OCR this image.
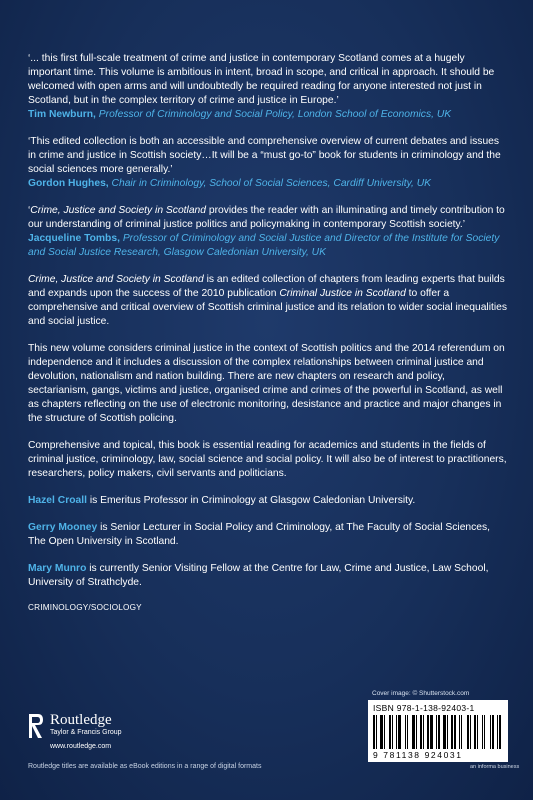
‘... this first full-scale treatment of crime and justice in contemporary Scotland comes at a hugely important time. This volume is ambitious in intent, broad in scope, and critical in approach. It should be welcomed with open arms and will undoubtedly be required reading for anyone interested not just in Scotland, but in the complex territory of crime and justice in Europe.’

Tim Newburn, Professor of Criminology and Social Policy, London School of Economics, UK

‘This edited collection is both an accessible and comprehensive overview of current debates and issues in crime and justice in Scottish society…It will be a “must go-to” book for students in criminology and the social sciences more generally.’

Gordon Hughes, Chair in Criminology, School of Social Sciences, Cardiff University, UK

‘Crime, Justice and Society in Scotland provides the reader with an illuminating and timely contribution to our understanding of criminal justice politics and policymaking in contemporary Scottish society.’

Jacqueline Tombs, Professor of Criminology and Social Justice and Director of the Institute for Society and Social Justice Research, Glasgow Caledonian University, UK

Crime, Justice and Society in Scotland is an edited collection of chapters from leading experts that builds and expands upon the success of the 2010 publication Criminal Justice in Scotland to offer a comprehensive and critical overview of Scottish criminal justice and its relation to wider social inequalities and social justice.

This new volume considers criminal justice in the context of Scottish politics and the 2014 referendum on independence and it includes a discussion of the complex relationships between criminal justice and devolution, nationalism and nation building. There are new chapters on research and policy, sectarianism, gangs, victims and justice, organised crime and crimes of the powerful in Scotland, as well as chapters reflecting on the use of electronic monitoring, desistance and practice and major changes in the structure of Scottish policing.

Comprehensive and topical, this book is essential reading for academics and students in the fields of criminal justice, criminology, law, social science and social policy. It will also be of interest to practitioners, researchers, policy makers, civil servants and politicians.

Hazel Croall is Emeritus Professor in Criminology at Glasgow Caledonian University.

Gerry Mooney is Senior Lecturer in Social Policy and Criminology, at The Faculty of Social Sciences, The Open University in Scotland.

Mary Munro is currently Senior Visiting Fellow at the Centre for Law, Crime and Justice, Law School, University of Strathclyde.

CRIMINOLOGY/SOCIOLOGY
Routledge
Taylor & Francis Group
www.routledge.com
Cover image: © Shutterstock.com
ISBN 978-1-138-92403-1
9 781138 924031
an informa business
Routledge titles are available as eBook editions in a range of digital formats
